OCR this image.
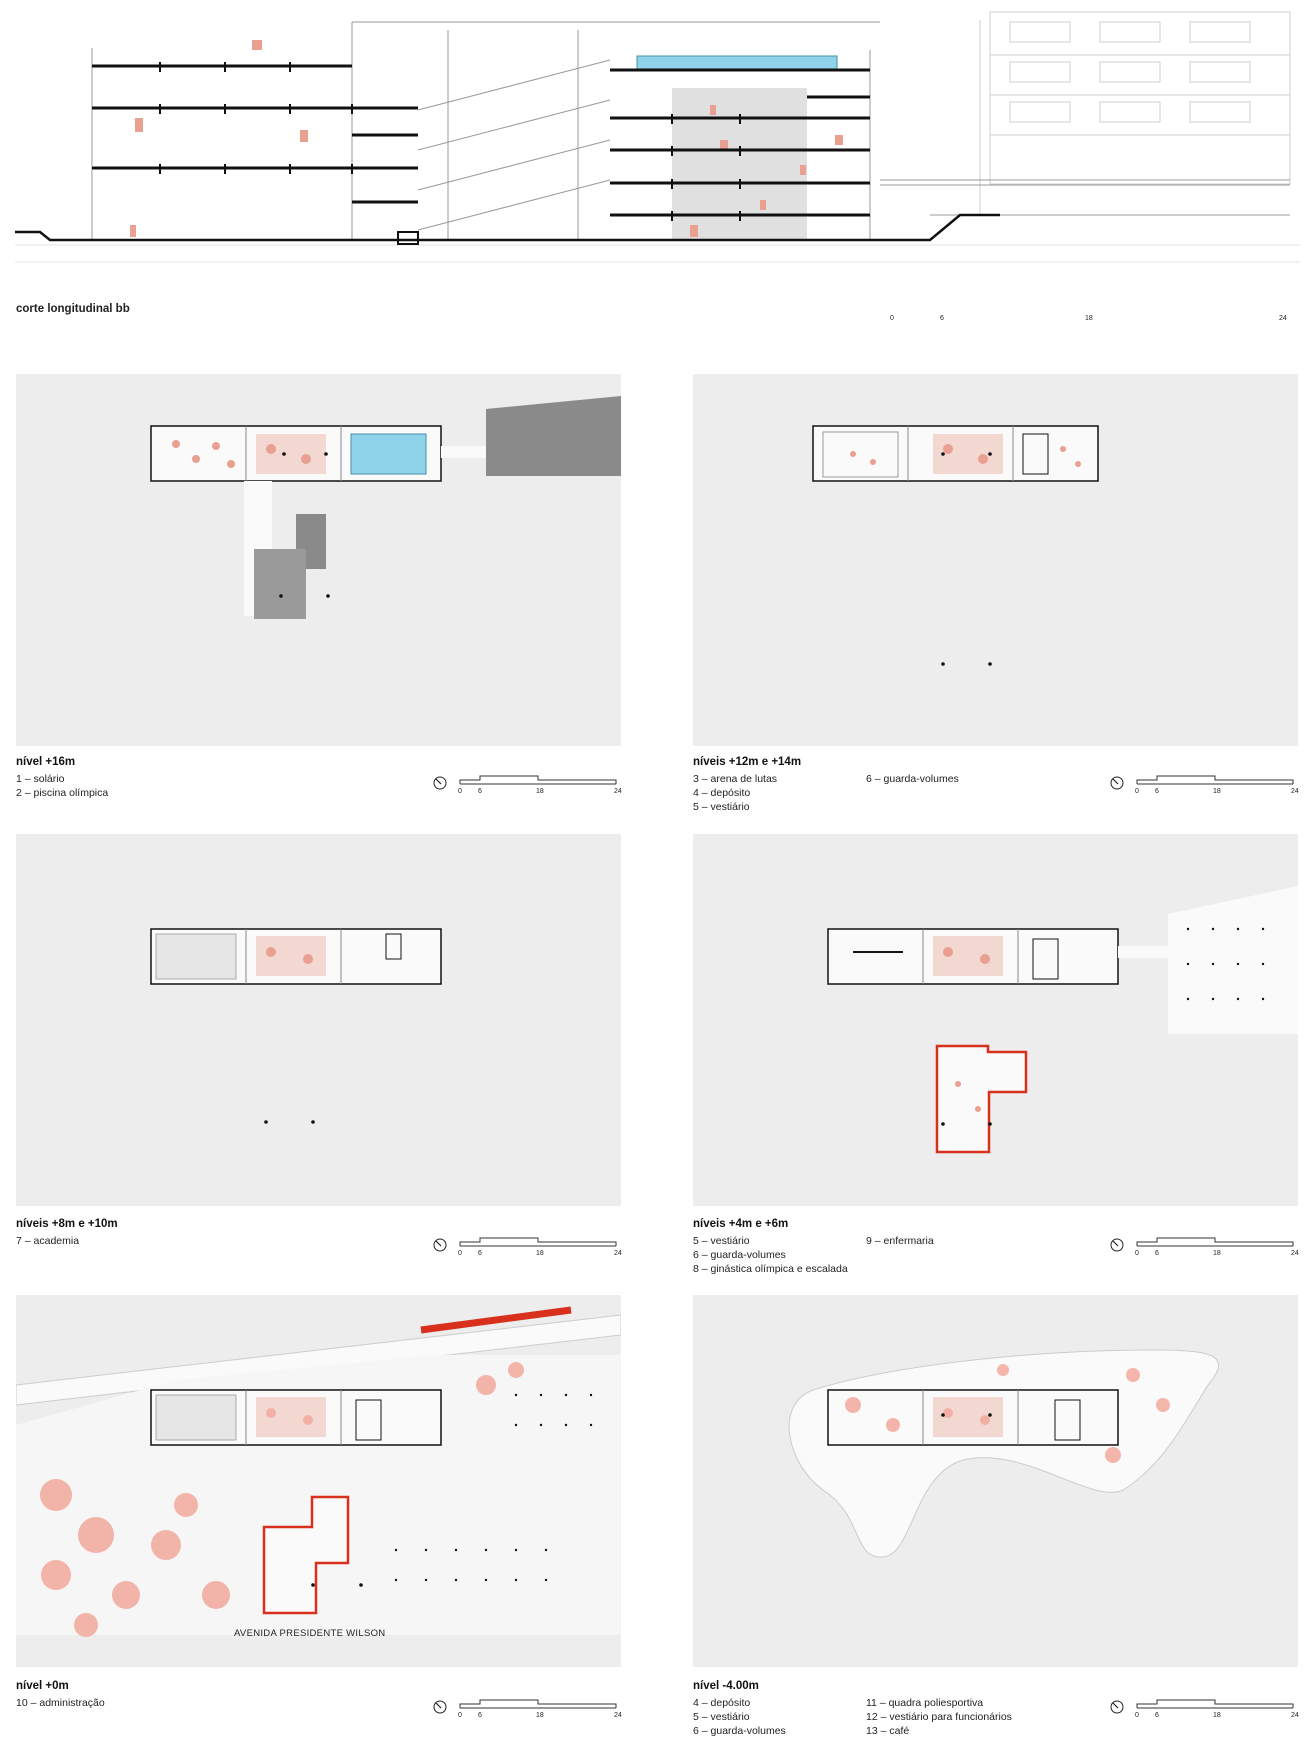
corte longitudinal bb
0	6	18	24
nível +16m
1 – solário
2 – piscina olímpica
níveis +12m e +14m
3 – arena de lutas
4 – depósito
5 – vestiário
6 – guarda-volumes
níveis +8m e +10m
7 – academia
níveis +4m e +6m
5 – vestiário
6 – guarda-volumes
8 – ginástica olímpica e escalada
9 – enfermaria
AVENIDA PRESIDENTE WILSON
nível +0m
10 – administração
nível -4.00m
4 – depósito
5 – vestiário
6 – guarda-volumes
11 – quadra poliesportiva
12 – vestiário para funcionários
13 – café
0 6	18	24	0 6	18	24
0 6	18	24	0 6	18	24
0 6	18	24	0 6	18	24
